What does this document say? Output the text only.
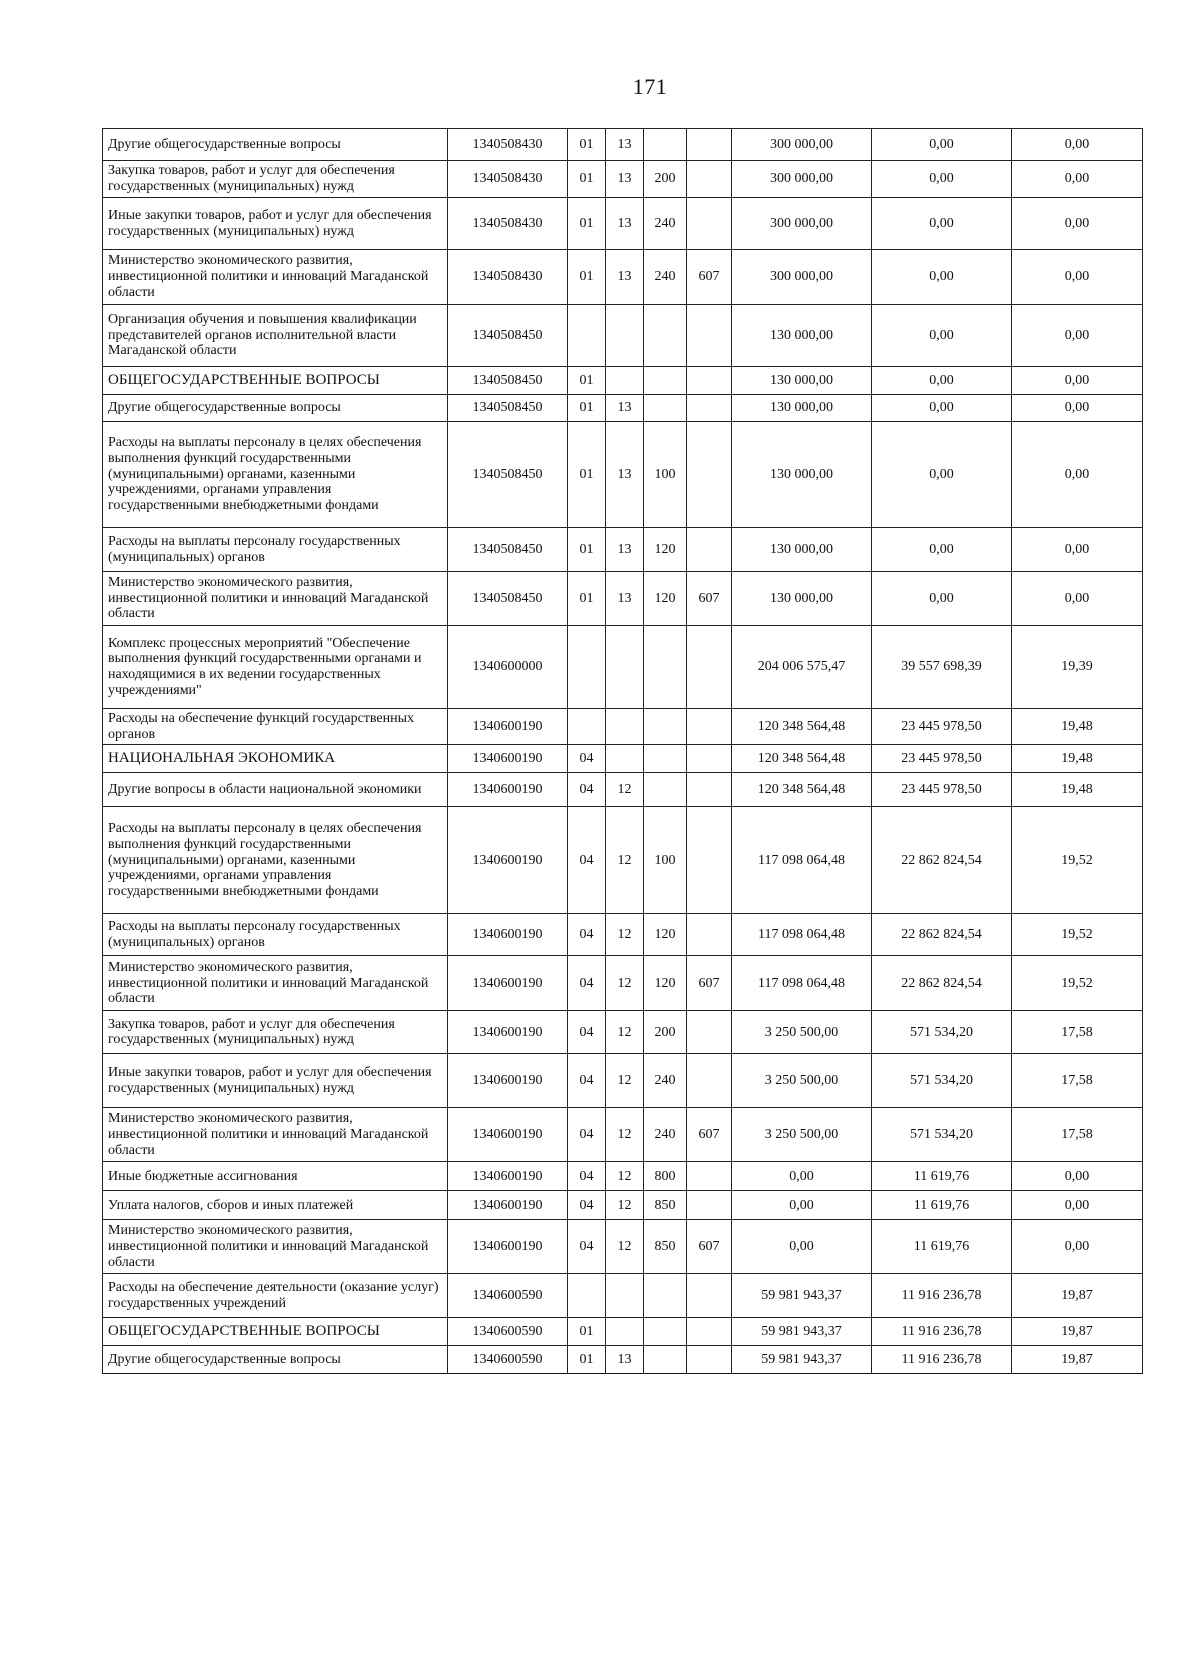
171
Другие общегосударственные вопросы	1340508430	01	13			300 000,00	0,00	0,00
Закупка товаров, работ и услуг для обеспечения государственных (муниципальных) нужд	1340508430	01	13	200		300 000,00	0,00	0,00
Иные закупки товаров, работ и услуг для обеспечения государственных (муниципальных) нужд	1340508430	01	13	240		300 000,00	0,00	0,00
Министерство экономического развития, инвестиционной политики и инноваций Магаданской области	1340508430	01	13	240	607	300 000,00	0,00	0,00
Организация обучения и повышения квалификации представителей органов исполнительной власти Магаданской области	1340508450					130 000,00	0,00	0,00
ОБЩЕГОСУДАРСТВЕННЫЕ ВОПРОСЫ	1340508450	01				130 000,00	0,00	0,00
Другие общегосударственные вопросы	1340508450	01	13			130 000,00	0,00	0,00
Расходы на выплаты персоналу в целях обеспечения выполнения функций государственными (муниципальными) органами, казенными учреждениями, органами управления государственными внебюджетными фондами	1340508450	01	13	100		130 000,00	0,00	0,00
Расходы на выплаты персоналу государственных (муниципальных) органов	1340508450	01	13	120		130 000,00	0,00	0,00
Министерство экономического развития, инвестиционной политики и инноваций Магаданской области	1340508450	01	13	120	607	130 000,00	0,00	0,00
Комплекс процессных мероприятий "Обеспечение выполнения функций государственными органами и находящимися в их ведении государственных учреждениями"	1340600000					204 006 575,47	39 557 698,39	19,39
Расходы на обеспечение функций государственных органов	1340600190					120 348 564,48	23 445 978,50	19,48
НАЦИОНАЛЬНАЯ ЭКОНОМИКА	1340600190	04				120 348 564,48	23 445 978,50	19,48
Другие вопросы в области национальной экономики	1340600190	04	12			120 348 564,48	23 445 978,50	19,48
Расходы на выплаты персоналу в целях обеспечения выполнения функций государственными (муниципальными) органами, казенными учреждениями, органами управления государственными внебюджетными фондами	1340600190	04	12	100		117 098 064,48	22 862 824,54	19,52
Расходы на выплаты персоналу государственных (муниципальных) органов	1340600190	04	12	120		117 098 064,48	22 862 824,54	19,52
Министерство экономического развития, инвестиционной политики и инноваций Магаданской области	1340600190	04	12	120	607	117 098 064,48	22 862 824,54	19,52
Закупка товаров, работ и услуг для обеспечения государственных (муниципальных) нужд	1340600190	04	12	200		3 250 500,00	571 534,20	17,58
Иные закупки товаров, работ и услуг для обеспечения государственных (муниципальных) нужд	1340600190	04	12	240		3 250 500,00	571 534,20	17,58
Министерство экономического развития, инвестиционной политики и инноваций Магаданской области	1340600190	04	12	240	607	3 250 500,00	571 534,20	17,58
Иные бюджетные ассигнования	1340600190	04	12	800		0,00	11 619,76	0,00
Уплата налогов, сборов и иных платежей	1340600190	04	12	850		0,00	11 619,76	0,00
Министерство экономического развития, инвестиционной политики и инноваций Магаданской области	1340600190	04	12	850	607	0,00	11 619,76	0,00
Расходы на обеспечение деятельности (оказание услуг) государственных учреждений	1340600590					59 981 943,37	11 916 236,78	19,87
ОБЩЕГОСУДАРСТВЕННЫЕ ВОПРОСЫ	1340600590	01				59 981 943,37	11 916 236,78	19,87
Другие общегосударственные вопросы	1340600590	01	13			59 981 943,37	11 916 236,78	19,87
